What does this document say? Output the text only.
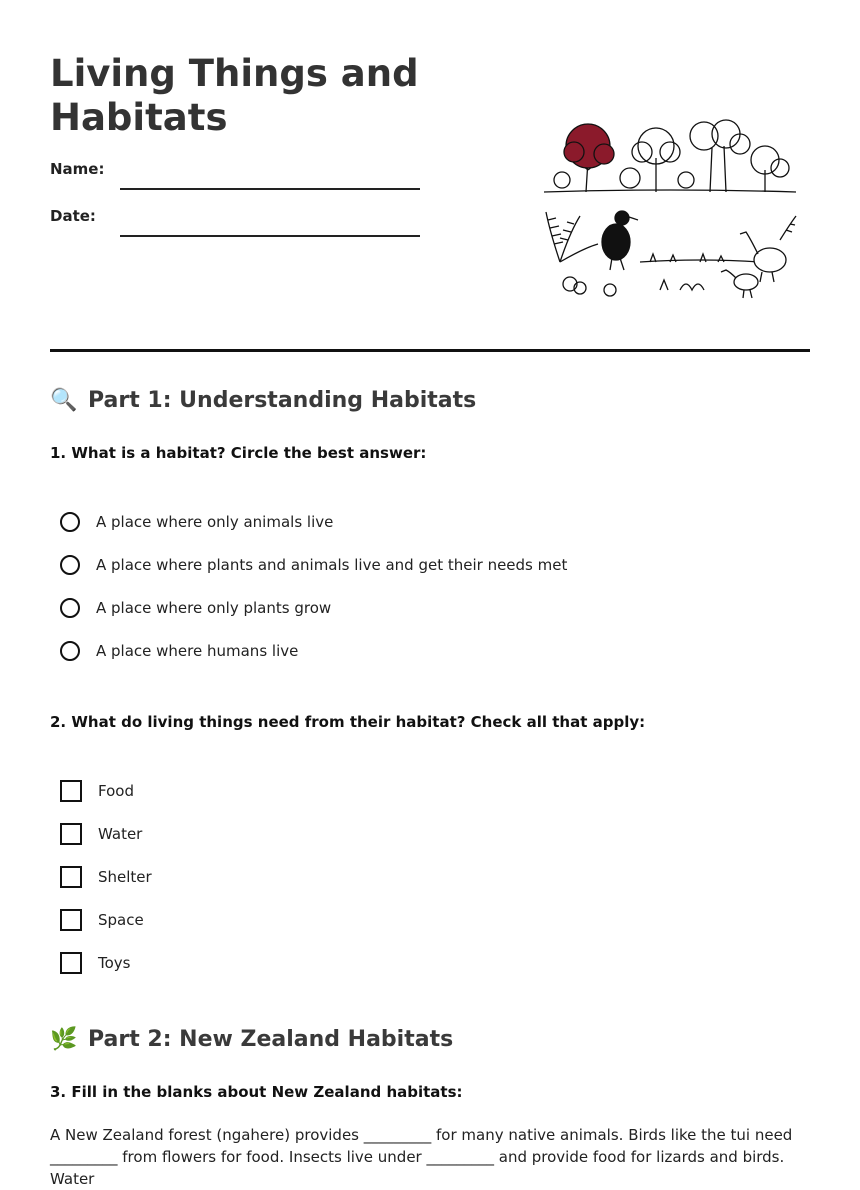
Living Things and Habitats
Name:
Date:
🔍 Part 1: Understanding Habitats
1. What is a habitat? Circle the best answer:
A place where only animals live
A place where plants and animals live and get their needs met
A place where only plants grow
A place where humans live
2. What do living things need from their habitat? Check all that apply:
Food
Water
Shelter
Space
Toys
🌿 Part 2: New Zealand Habitats
3. Fill in the blanks about New Zealand habitats:
A New Zealand forest (ngahere) provides _________ for many native animals. Birds like the tui need _________ from flowers for food. Insects live under _________ and provide food for lizards and birds. Water
